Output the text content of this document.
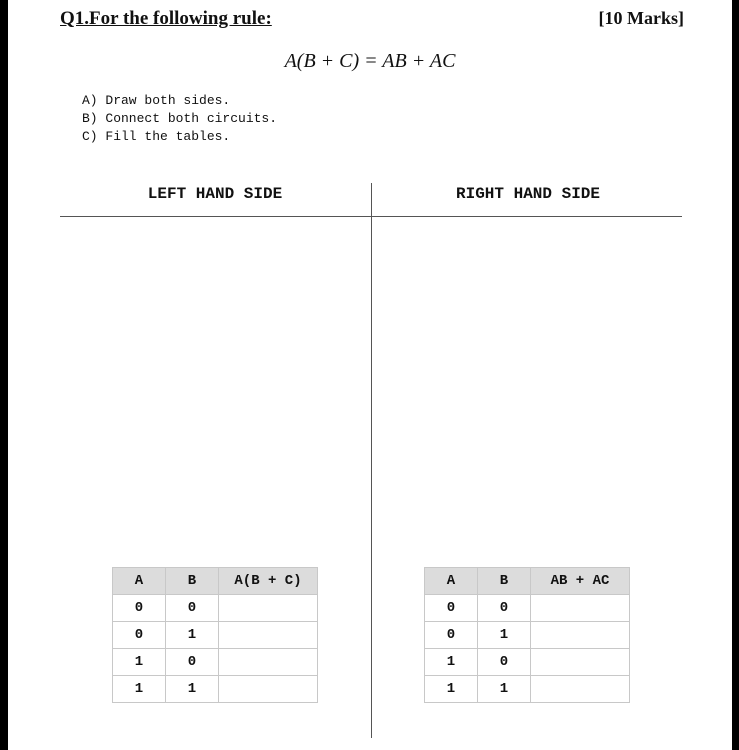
Q1.For the following rule:	[10 Marks]
A(B + C) = AB + AC
A) Draw both sides.
B) Connect both circuits.
C) Fill the tables.
LEFT HAND SIDE	RIGHT HAND SIDE
A	B	A(B + C)
0	0	
0	1	
1	0	
1	1	
A	B	AB + AC
0	0	
0	1	
1	0	
1	1	
